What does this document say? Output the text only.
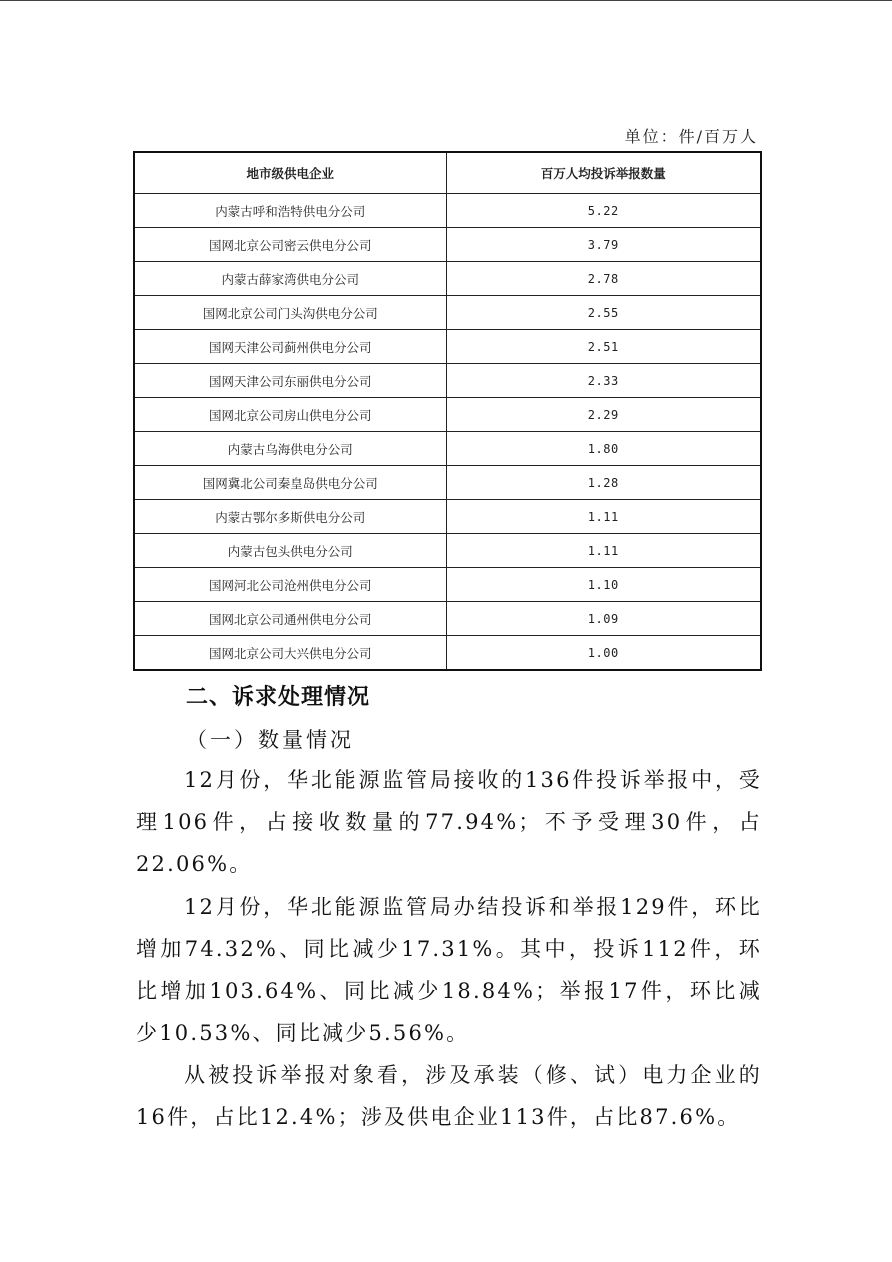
单位：件/百万人
地市级供电企业	百万人均投诉举报数量
内蒙古呼和浩特供电分公司	5.22
国网北京公司密云供电分公司	3.79
内蒙古薛家湾供电分公司	2.78
国网北京公司门头沟供电分公司	2.55
国网天津公司蓟州供电分公司	2.51
国网天津公司东丽供电分公司	2.33
国网北京公司房山供电分公司	2.29
内蒙古乌海供电分公司	1.80
国网冀北公司秦皇岛供电分公司	1.28
内蒙古鄂尔多斯供电分公司	1.11
内蒙古包头供电分公司	1.11
国网河北公司沧州供电分公司	1.10
国网北京公司通州供电分公司	1.09
国网北京公司大兴供电分公司	1.00
二、诉求处理情况
（一）数量情况

12月份，华北能源监管局接收的136件投诉举报中，受理106件，占接收数量的77.94%；不予受理30件，占22.06%。

12月份，华北能源监管局办结投诉和举报129件，环比增加74.32%、同比减少17.31%。其中，投诉112件，环比增加103.64%、同比减少18.84%；举报17件，环比减少10.53%、同比减少5.56%。

从被投诉举报对象看，涉及承装（修、试）电力企业的16件，占比12.4%；涉及供电企业113件，占比87.6%。
